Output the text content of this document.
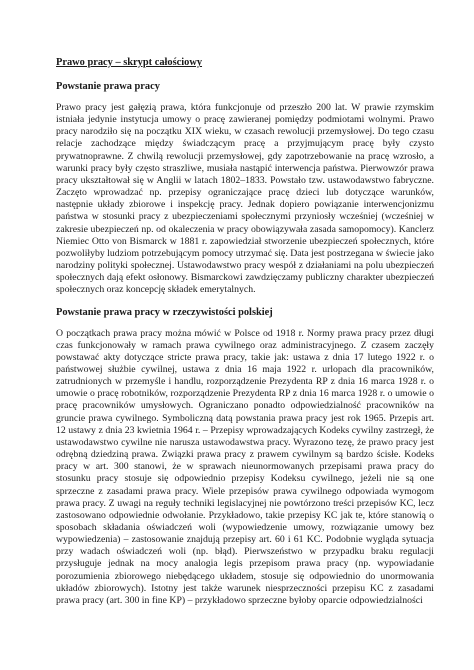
Prawo pracy – skrypt całościowy
Powstanie prawa pracy

Prawo pracy jest gałęzią prawa, która funkcjonuje od przeszło 200 lat. W prawie rzymskim istniała jedynie instytucja umowy o pracę zawieranej pomiędzy podmiotami wolnymi. Prawo pracy narodziło się na początku XIX wieku, w czasach rewolucji przemysłowej. Do tego czasu relacje zachodzące między świadczącym pracę a przyjmującym pracę były czysto prywatnoprawne. Z chwilą rewolucji przemysłowej, gdy zapotrzebowanie na pracę wzrosło, a warunki pracy były często straszliwe, musiała nastąpić interwencja państwa. Pierwowzór prawa pracy ukształtował się w Anglii w latach 1802–1833. Powstało tzw. ustawodawstwo fabryczne. Zaczęto wprowadzać np. przepisy ograniczające pracę dzieci lub dotyczące warunków, następnie układy zbiorowe i inspekcję pracy. Jednak dopiero powiązanie interwencjonizmu państwa w stosunki pracy z ubezpieczeniami społecznymi przyniosły wcześniej (wcześniej w zakresie ubezpieczeń np. od okaleczenia w pracy obowiązywała zasada samopomocy). Kanclerz Niemiec Otto von Bismarck w 1881 r. zapowiedział stworzenie ubezpieczeń społecznych, które pozwoliłyby ludziom potrzebującym pomocy utrzymać się. Data jest postrzegana w świecie jako narodziny polityki społecznej. Ustawodawstwo pracy wespół z działaniami na polu ubezpieczeń społecznych dają efekt osłonowy. Bismarckowi zawdzięczamy publiczny charakter ubezpieczeń społecznych oraz koncepcję składek emerytalnych.

Powstanie prawa pracy w rzeczywistości polskiej

O początkach prawa pracy można mówić w Polsce od 1918 r. Normy prawa pracy przez długi czas funkcjonowały w ramach prawa cywilnego oraz administracyjnego. Z czasem zaczęły powstawać akty dotyczące stricte prawa pracy, takie jak: ustawa z dnia 17 lutego 1922 r. o państwowej służbie cywilnej, ustawa z dnia 16 maja 1922 r. urlopach dla pracowników, zatrudnionych w przemyśle i handlu, rozporządzenie Prezydenta RP z dnia 16 marca 1928 r. o umowie o pracę robotników, rozporządzenie Prezydenta RP z dnia 16 marca 1928 r. o umowie o pracę pracowników umysłowych. Ograniczano ponadto odpowiedzialność pracowników na gruncie prawa cywilnego. Symboliczną datą powstania prawa pracy jest rok 1965. Przepis art. 12 ustawy z dnia 23 kwietnia 1964 r. – Przepisy wprowadzających Kodeks cywilny zastrzegł, że ustawodawstwo cywilne nie narusza ustawodawstwa pracy. Wyrazono tezę, że prawo pracy jest odrębną dziedziną prawa. Związki prawa pracy z prawem cywilnym są bardzo ścisłe. Kodeks pracy w art. 300 stanowi, że w sprawach nieunormowanych przepisami prawa pracy do stosunku pracy stosuje się odpowiednio przepisy Kodeksu cywilnego, jeżeli nie są one sprzeczne z zasadami prawa pracy. Wiele przepisów prawa cywilnego odpowiada wymogom prawa pracy. Z uwagi na reguły techniki legislacyjnej nie powtórzono treści przepisów KC, lecz zastosowano odpowiednie odwołanie. Przykładowo, takie przepisy KC jak te, które stanowią o sposobach składania oświadczeń woli (wypowiedzenie umowy, rozwiązanie umowy bez wypowiedzenia) – zastosowanie znajdują przepisy art. 60 i 61 KC. Podobnie wygląda sytuacja przy wadach oświadczeń woli (np. błąd). Pierwszeństwo w przypadku braku regulacji przysługuje jednak na mocy analogia legis przepisom prawa pracy (np. wypowiadanie porozumienia zbiorowego niebędącego układem, stosuje się odpowiednio do unormowania układów zbiorowych). Istotny jest także warunek niesprzeczności przepisu KC z zasadami prawa pracy (art. 300 in fine KP) – przykładowo sprzeczne byłoby oparcie odpowiedzialności
